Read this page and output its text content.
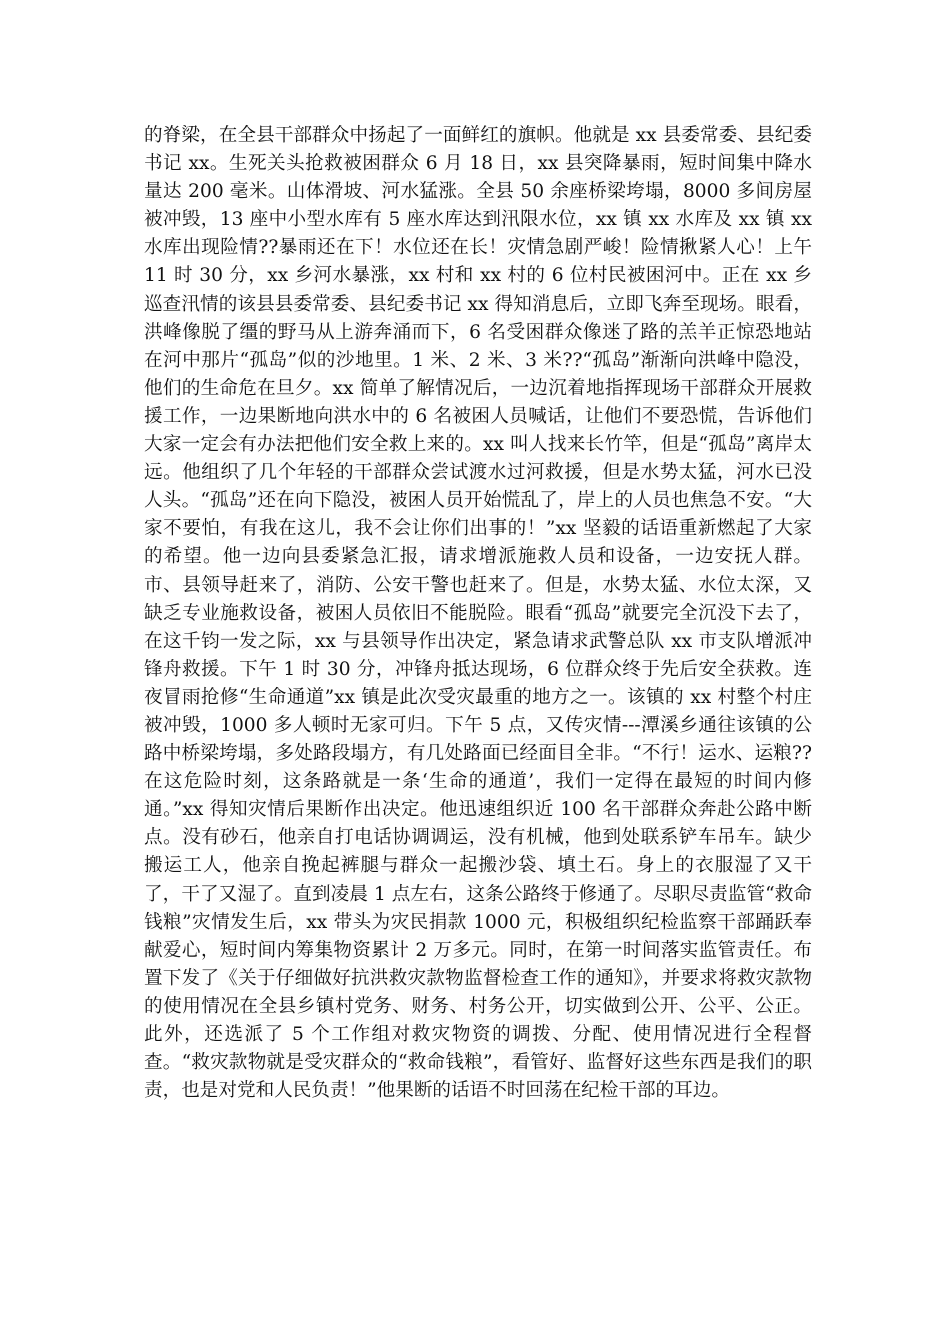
的脊梁，在全县干部群众中扬起了一面鲜红的旗帜。他就是 xx 县委常委、县纪委书记 xx。生死关头抢救被困群众 6 月 18 日，xx 县突降暴雨，短时间集中降水量达 200 毫米。山体滑坡、河水猛涨。全县 50 余座桥梁垮塌，8000 多间房屋被冲毁，13 座中小型水库有 5 座水库达到汛限水位，xx 镇 xx 水库及 xx 镇 xx 水库出现险情??暴雨还在下！水位还在长！灾情急剧严峻！险情揪紧人心！上午 11 时 30 分，xx 乡河水暴涨，xx 村和 xx 村的 6 位村民被困河中。正在 xx 乡巡查汛情的该县县委常委、县纪委书记 xx 得知消息后，立即飞奔至现场。眼看，洪峰像脱了缰的野马从上游奔涌而下，6 名受困群众像迷了路的羔羊正惊恐地站在河中那片“孤岛”似的沙地里。1 米、2 米、3 米??“孤岛”渐渐向洪峰中隐没，他们的生命危在旦夕。xx 简单了解情况后，一边沉着地指挥现场干部群众开展救援工作，一边果断地向洪水中的 6 名被困人员喊话，让他们不要恐慌，告诉他们大家一定会有办法把他们安全救上来的。xx 叫人找来长竹竿，但是“孤岛”离岸太远。他组织了几个年轻的干部群众尝试渡水过河救援，但是水势太猛，河水已没人头。“孤岛”还在向下隐没，被困人员开始慌乱了，岸上的人员也焦急不安。“大家不要怕，有我在这儿，我不会让你们出事的！”xx 坚毅的话语重新燃起了大家的希望。他一边向县委紧急汇报，请求增派施救人员和设备，一边安抚人群。市、县领导赶来了，消防、公安干警也赶来了。但是，水势太猛、水位太深，又缺乏专业施救设备，被困人员依旧不能脱险。眼看“孤岛”就要完全沉没下去了，在这千钧一发之际，xx 与县领导作出决定，紧急请求武警总队 xx 市支队增派冲锋舟救援。下午 1 时 30 分，冲锋舟抵达现场，6 位群众终于先后安全获救。连夜冒雨抢修“生命通道”xx 镇是此次受灾最重的地方之一。该镇的 xx 村整个村庄被冲毁，1000 多人顿时无家可归。下午 5 点，又传灾情---潭溪乡通往该镇的公路中桥梁垮塌，多处路段塌方，有几处路面已经面目全非。“不行！运水、运粮??在这危险时刻，这条路就是一条‘生命的通道’，我们一定得在最短的时间内修通。”xx 得知灾情后果断作出决定。他迅速组织近 100 名干部群众奔赴公路中断点。没有砂石，他亲自打电话协调调运，没有机械，他到处联系铲车吊车。缺少搬运工人，他亲自挽起裤腿与群众一起搬沙袋、填土石。身上的衣服湿了又干了，干了又湿了。直到凌晨 1 点左右，这条公路终于修通了。尽职尽责监管“救命钱粮”灾情发生后，xx 带头为灾民捐款 1000 元，积极组织纪检监察干部踊跃奉献爱心，短时间内筹集物资累计 2 万多元。同时，在第一时间落实监管责任。布置下发了《关于仔细做好抗洪救灾款物监督检查工作的通知》，并要求将救灾款物的使用情况在全县乡镇村党务、财务、村务公开，切实做到公开、公平、公正。此外，还选派了 5 个工作组对救灾物资的调拨、分配、使用情况进行全程督查。“救灾款物就是受灾群众的“救命钱粮”，看管好、监督好这些东西是我们的职责，也是对党和人民负责！”他果断的话语不时回荡在纪检干部的耳边。
